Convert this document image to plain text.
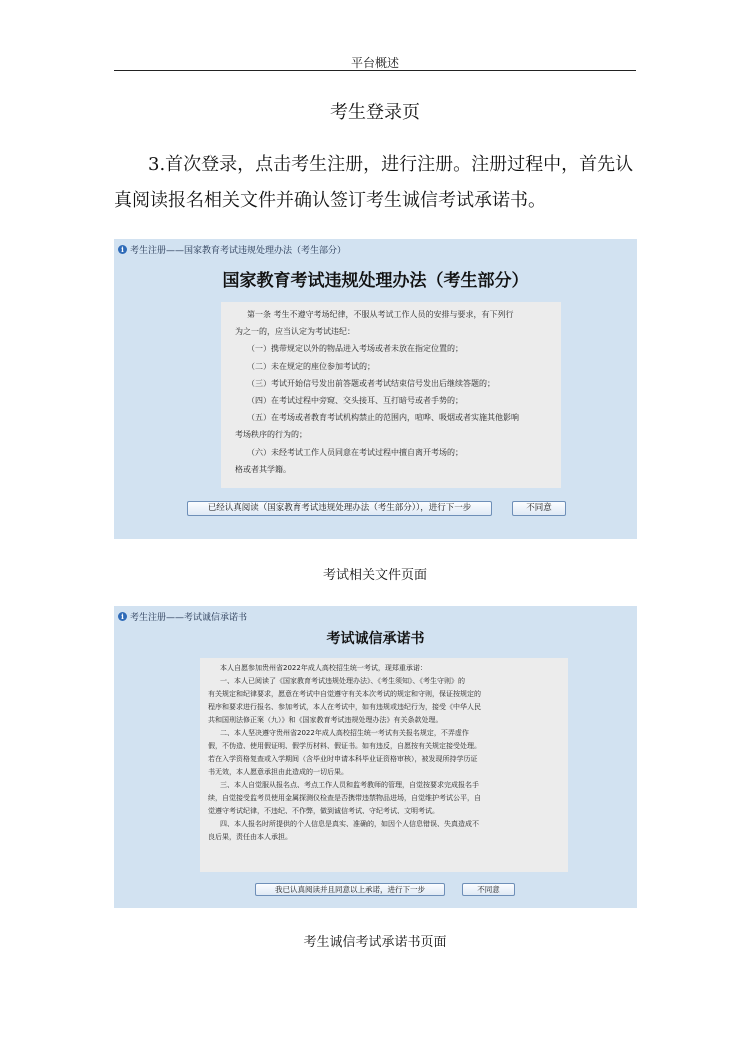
平台概述
考生登录页
3.首次登录，点击考生注册，进行注册。注册过程中，首先认真阅读报名相关文件并确认签订考生诚信考试承诺书。
i 考生注册——国家教育考试违规处理办法（考生部分）
国家教育考试违规处理办法（考生部分）
第一条 考生不遵守考场纪律，不服从考试工作人员的安排与要求，有下列行
为之一的，应当认定为考试违纪：
（一）携带规定以外的物品进入考场或者未放在指定位置的；
（二）未在规定的座位参加考试的；
（三）考试开始信号发出前答题或者考试结束信号发出后继续答题的；
（四）在考试过程中旁窥、交头接耳、互打暗号或者手势的；
（五）在考场或者教育考试机构禁止的范围内，喧哗、吸烟或者实施其他影响
考场秩序的行为的；
（六）未经考试工作人员同意在考试过程中擅自离开考场的；
格或者其学籍。
已经认真阅读（国家教育考试违规处理办法（考生部分）），进行下一步	不同意
考试相关文件页面
i 考生注册——考试诚信承诺书
考试诚信承诺书
本人自愿参加贵州省2022年成人高校招生统一考试，现郑重承诺：
一、本人已阅读了《国家教育考试违规处理办法》、《考生须知》、《考生守则》的
有关规定和纪律要求，愿意在考试中自觉遵守有关本次考试的规定和守则，保证按规定的
程序和要求进行报名、参加考试，本人在考试中，如有违规或违纪行为，接受《中华人民
共和国刑法修正案（九）》和《国家教育考试违规处理办法》有关条款处理。
二、本人坚决遵守贵州省2022年成人高校招生统一考试有关报名规定，不弄虚作
假，不伪造、使用假证明、假学历材料、假证书。如有违反，自愿按有关规定接受处理。
若在入学资格复查或入学期间（含毕业时申请本科毕业证资格审核），被发现所持学历证
书无效，本人愿意承担由此造成的一切后果。
三、本人自觉服从报名点、考点工作人员和监考教师的管理，自觉按要求完成报名手
续，自觉接受监考员使用金属探测仪检查是否携带违禁物品进场，自觉维护考试公平，自
觉遵守考试纪律，不违纪、不作弊，做到诚信考试、守纪考试、文明考试。
四、本人报名时所提供的个人信息是真实、准确的，如因个人信息错误、失真造成不
良后果，责任由本人承担。
我已认真阅读并且同意以上承诺，进行下一步	不同意
考生诚信考试承诺书页面
